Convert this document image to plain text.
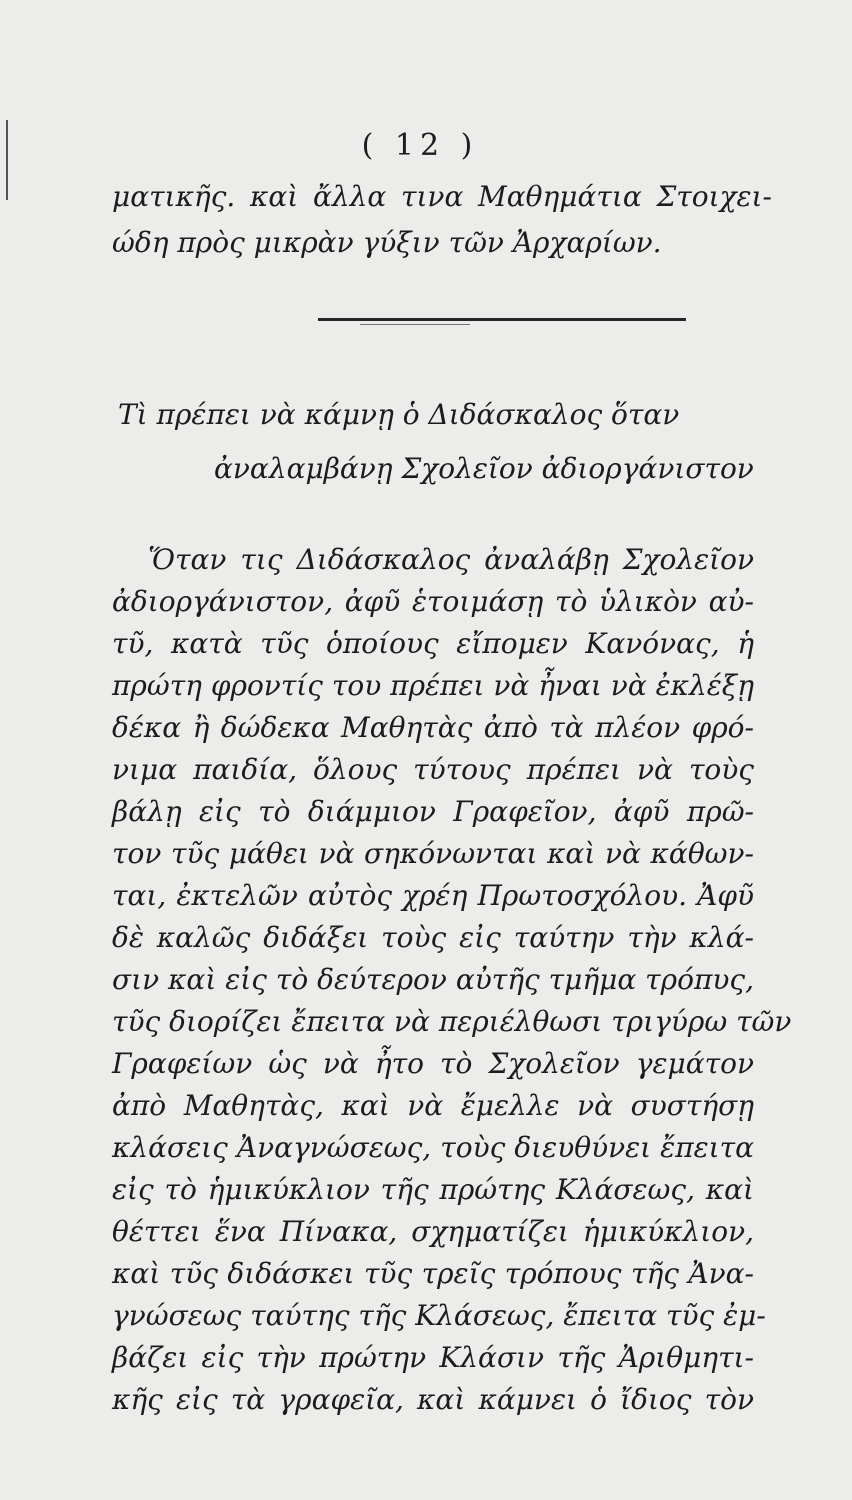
( 12 )
ματικῆς. καὶ ἄλλα τινα Μαθημάτια Στοιχει-
ώδη πρὸς μικρὰν γύξιν τῶν Ἀρχαρίων.
Τὶ πρέπει νὰ κάμνῃ ὁ Διδάσκαλος ὅταν
ἀναλαμβάνῃ Σχολεῖον ἀδιοργάνιστον
Ὅταν τις Διδάσκαλος ἀναλάβῃ Σχολεῖον
ἀδιοργάνιστον, ἀφῦ ἑτοιμάσῃ τὸ ὑλικὸν αὐ-
τῦ, κατὰ τῦς ὁποίους εἴπομεν Κανόνας, ἡ
πρώτη φροντίς του πρέπει νὰ ἦναι νὰ ἐκλέξῃ
δέκα ἢ δώδεκα Μαθητὰς ἀπὸ τὰ πλέον φρό-
νιμα παιδία, ὅλους τύτους πρέπει νὰ τοὺς
βάλῃ εἰς τὸ διάμμιον Γραφεῖον, ἀφῦ πρῶ-
τον τῦς μάθει νὰ σηκόνωνται καὶ νὰ κάθων-
ται, ἐκτελῶν αὐτὸς χρέη Πρωτοσχόλου. Ἀφῦ
δὲ καλῶς διδάξει τοὺς εἰς ταύτην τὴν κλά-
σιν καὶ εἰς τὸ δεύτερον αὐτῆς τμῆμα τρόπυς,
τῦς διορίζει ἔπειτα νὰ περιέλθωσι τριγύρω τῶν
Γραφείων ὡς νὰ ἦτο τὸ Σχολεῖον γεμάτον
ἀπὸ Μαθητὰς, καὶ νὰ ἔμελλε νὰ συστήσῃ
κλάσεις Ἀναγνώσεως, τοὺς διευθύνει ἔπειτα
εἰς τὸ ἡμικύκλιον τῆς πρώτης Κλάσεως, καὶ
θέττει ἕνα Πίνακα, σχηματίζει ἡμικύκλιον,
καὶ τῦς διδάσκει τῦς τρεῖς τρόπους τῆς Ἀνα-
γνώσεως ταύτης τῆς Κλάσεως, ἔπειτα τῦς ἐμ-
βάζει εἰς τὴν πρώτην Κλάσιν τῆς Ἀριθμητι-
κῆς εἰς τὰ γραφεῖα, καὶ κάμνει ὁ ἴδιος τὸν
